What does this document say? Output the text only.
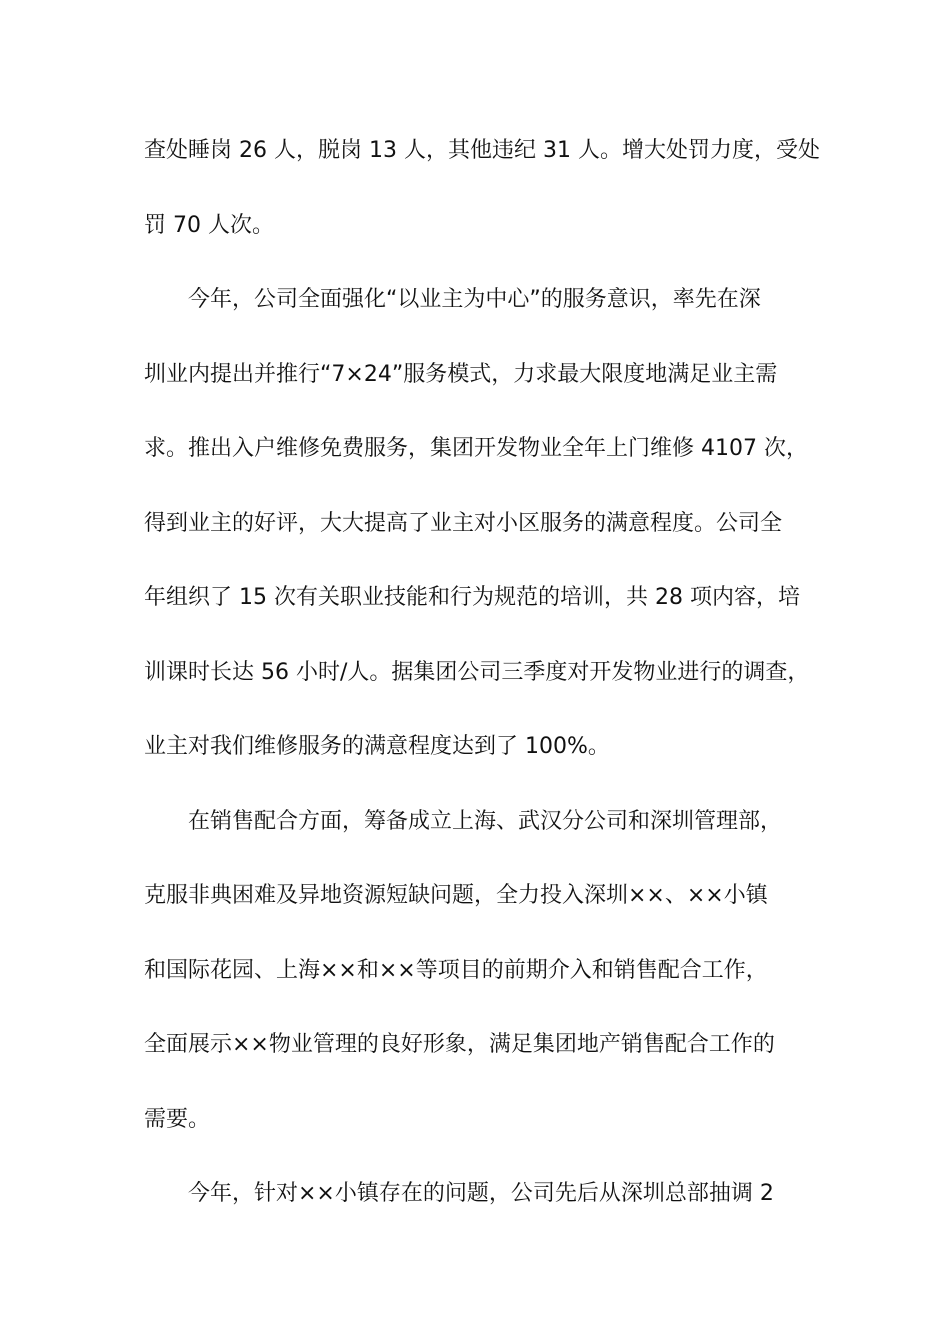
查处睡岗 26 人，脱岗 13 人，其他违纪 31 人。增大处罚力度，受处
罚 70 人次。
今年，公司全面强化“以业主为中心”的服务意识，率先在深
圳业内提出并推行“7×24”服务模式，力求最大限度地满足业主需
求。推出入户维修免费服务，集团开发物业全年上门维修 4107 次，
得到业主的好评，大大提高了业主对小区服务的满意程度。公司全
年组织了 15 次有关职业技能和行为规范的培训，共 28 项内容，培
训课时长达 56 小时/人。据集团公司三季度对开发物业进行的调查，
业主对我们维修服务的满意程度达到了 100%。
在销售配合方面，筹备成立上海、武汉分公司和深圳管理部，
克服非典困难及异地资源短缺问题，全力投入深圳××、××小镇
和国际花园、上海××和××等项目的前期介入和销售配合工作，
全面展示××物业管理的良好形象，满足集团地产销售配合工作的
需要。
今年，针对××小镇存在的问题，公司先后从深圳总部抽调 2
